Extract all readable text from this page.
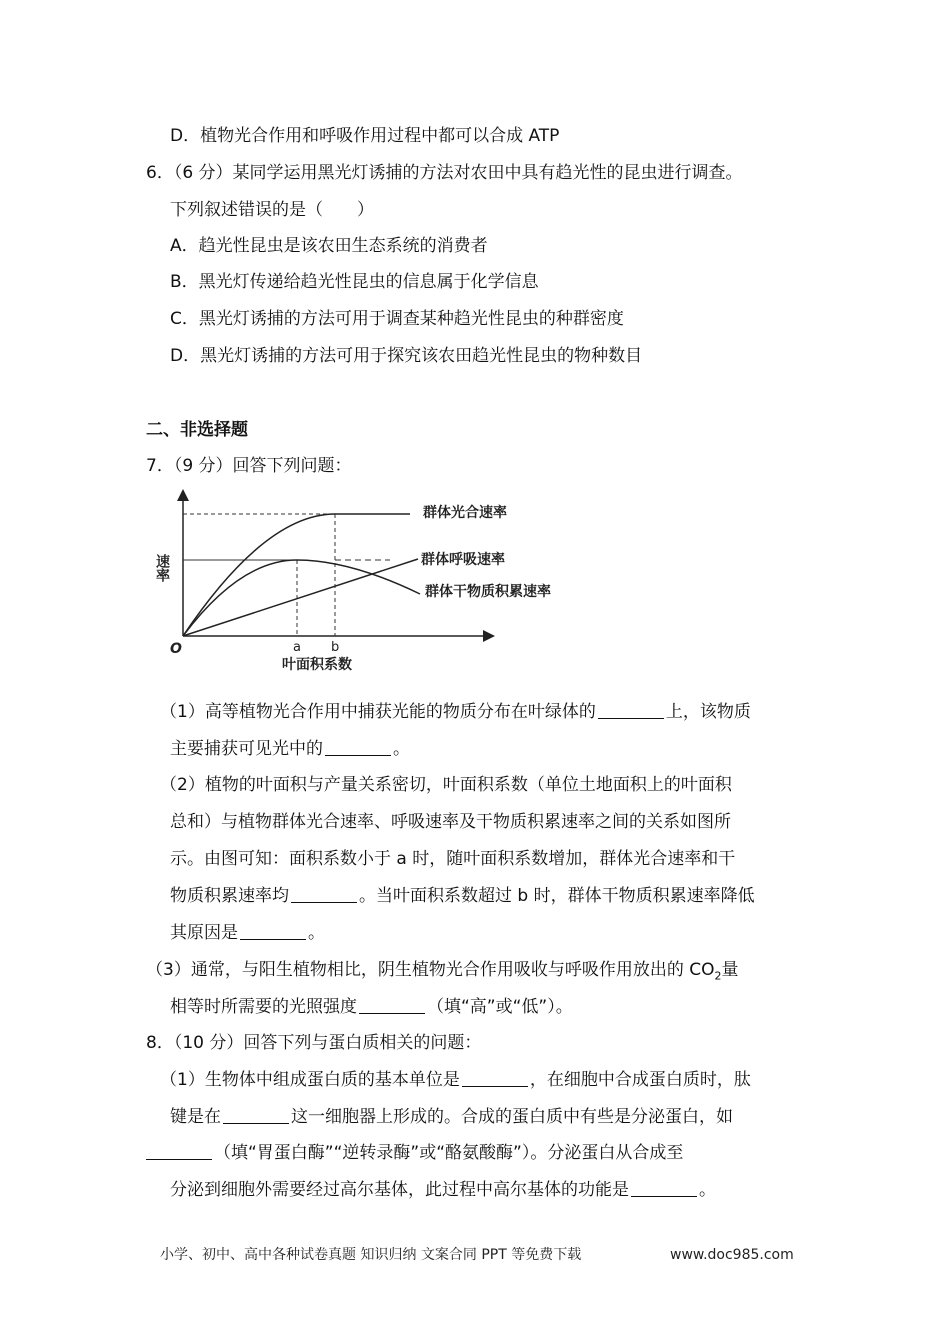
D．植物光合作用和呼吸作用过程中都可以合成 ATP
6．（6 分）某同学运用黑光灯诱捕的方法对农田中具有趋光性的昆虫进行调查。
下列叙述错误的是（　　）
A．趋光性昆虫是该农田生态系统的消费者
B．黑光灯传递给趋光性昆虫的信息属于化学信息
C．黑光灯诱捕的方法可用于调查某种趋光性昆虫的种群密度
D．黑光灯诱捕的方法可用于探究该农田趋光性昆虫的物种数目
二、非选择题
7．（9 分）回答下列问题：
速率
O	a b
叶面积系数
群体光合速率
群体呼吸速率
群体干物质积累速率
（1）高等植物光合作用中捕获光能的物质分布在叶绿体的	上，该物质
主要捕获可见光中的	。
（2）植物的叶面积与产量关系密切，叶面积系数（单位土地面积上的叶面积
总和）与植物群体光合速率、呼吸速率及干物质积累速率之间的关系如图所
示。由图可知：面积系数小于 a 时，随叶面积系数增加，群体光合速率和干
物质积累速率均	。当叶面积系数超过 b 时，群体干物质积累速率降低
其原因是	。
（3）通常，与阳生植物相比，阴生植物光合作用吸收与呼吸作用放出的 $CO_2$量
相等时所需要的光照强度	（填“高”或“低”）。
8．（10 分）回答下列与蛋白质相关的问题：
（1）生物体中组成蛋白质的基本单位是	，在细胞中合成蛋白质时，肽
键是在	这一细胞器上形成的。合成的蛋白质中有些是分泌蛋白，如
（填“胃蛋白酶”“逆转录酶”或“酪氨酸酶”）。分泌蛋白从合成至
分泌到细胞外需要经过高尔基体，此过程中高尔基体的功能是	。
小学、初中、高中各种试卷真题 知识归纳 文案合同 PPT 等免费下载	www.doc985.com
